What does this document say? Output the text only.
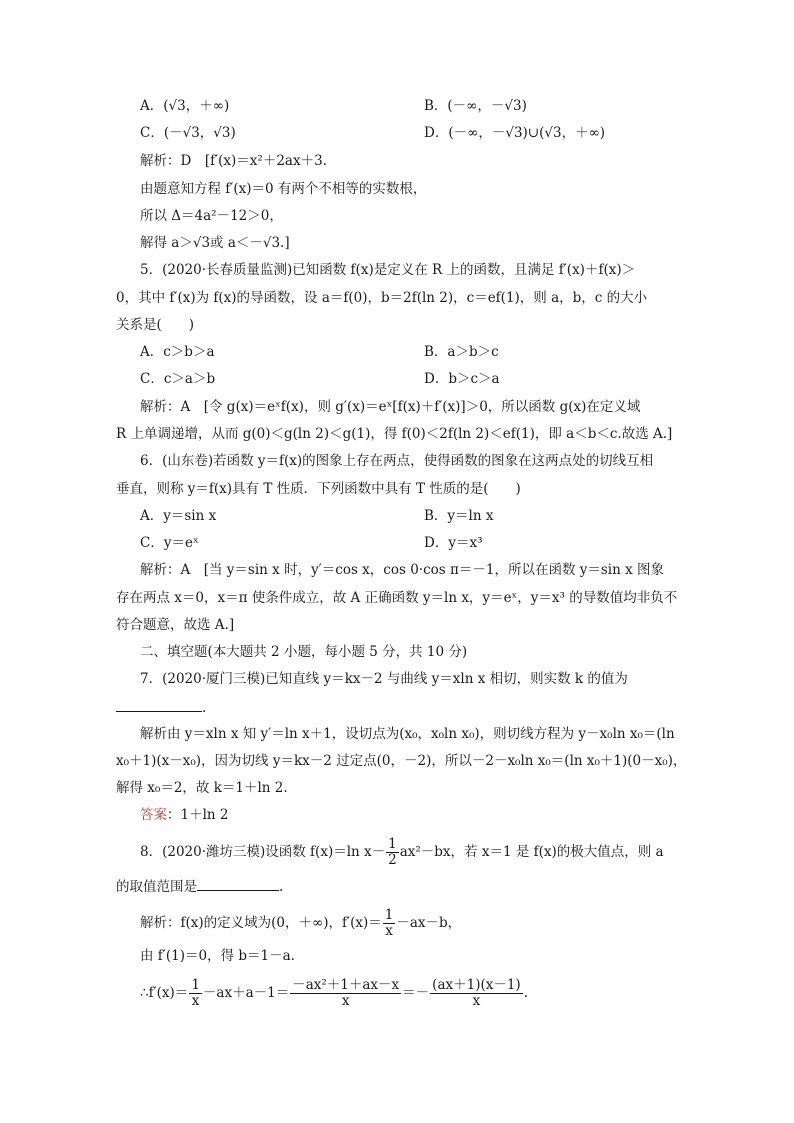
A．(√3，＋∞)	B．(－∞，－√3)
C．(－√3，√3)	D．(－∞，－√3)∪(√3，＋∞)
解析：D　[f′(x)＝x²＋2ax＋3.
由题意知方程 f′(x)＝0 有两个不相等的实数根，
所以 Δ＝4a²－12＞0，
解得 a＞√3或 a＜－√3.]
5．(2020·长春质量监测)已知函数 f(x)是定义在 R 上的函数，且满足 f′(x)＋f(x)＞
0，其中 f′(x)为 f(x)的导函数，设 a＝f(0)，b＝2f(ln 2)，c＝ef(1)，则 a，b，c 的大小
关系是(　　)
A．c＞b＞a	B．a＞b＞c
C．c＞a＞b	D．b＞c＞a
解析：A　[令 g(x)＝eˣf(x)，则 g′(x)＝eˣ[f(x)＋f′(x)]＞0，所以函数 g(x)在定义域
R 上单调递增，从而 g(0)＜g(ln 2)＜g(1)，得 f(0)＜2f(ln 2)＜ef(1)，即 a＜b＜c.故选 A.]
6．(山东卷)若函数 y＝f(x)的图象上存在两点，使得函数的图象在这两点处的切线互相
垂直，则称 y＝f(x)具有 T 性质．下列函数中具有 T 性质的是(　　)
A．y＝sin x	B．y＝ln x
C．y＝eˣ	D．y＝x³
解析：A　[当 y＝sin x 时，y′＝cos x，cos 0·cos π＝－1，所以在函数 y＝sin x 图象
存在两点 x＝0，x＝π 使条件成立，故 A 正确函数 y＝ln x，y＝eˣ，y＝x³ 的导数值均非负不
符合题意，故选 A.]
二、填空题(本大题共 2 小题，每小题 5 分，共 10 分)
7．(2020·厦门三模)已知直线 y＝kx－2 与曲线 y＝xln x 相切，则实数 k 的值为
.
解析由 y＝xln x 知 y′＝ln x＋1，设切点为(x₀，x₀ln x₀)，则切线方程为 y－x₀ln x₀＝(ln
x₀＋1)(x－x₀)，因为切线 y＝kx－2 过定点(0，－2)，所以－2－x₀ln x₀＝(ln x₀＋1)(0－x₀)，
解得 x₀＝2，故 k＝1＋ln 2.
答案：1＋ln 2
8．(2020·潍坊三模)设函数 f(x)＝ln $x- \frac{1}{2} ax^2-bx$，若 x＝1 是 f(x)的极大值点，则 a
的取值范围是	.
解析：f(x)的定义域为(0，＋∞)，$f'(x)= \frac{1}{x} -ax-b$，
由 f′(1)＝0，得 b＝1－a.
∴f′(x)＝ $\frac{1}{x} -ax+a-1= \frac{\text{－ax²＋1＋ax－x}}{x} =- \frac{(ax+1)(x-1)}{x}$ .
